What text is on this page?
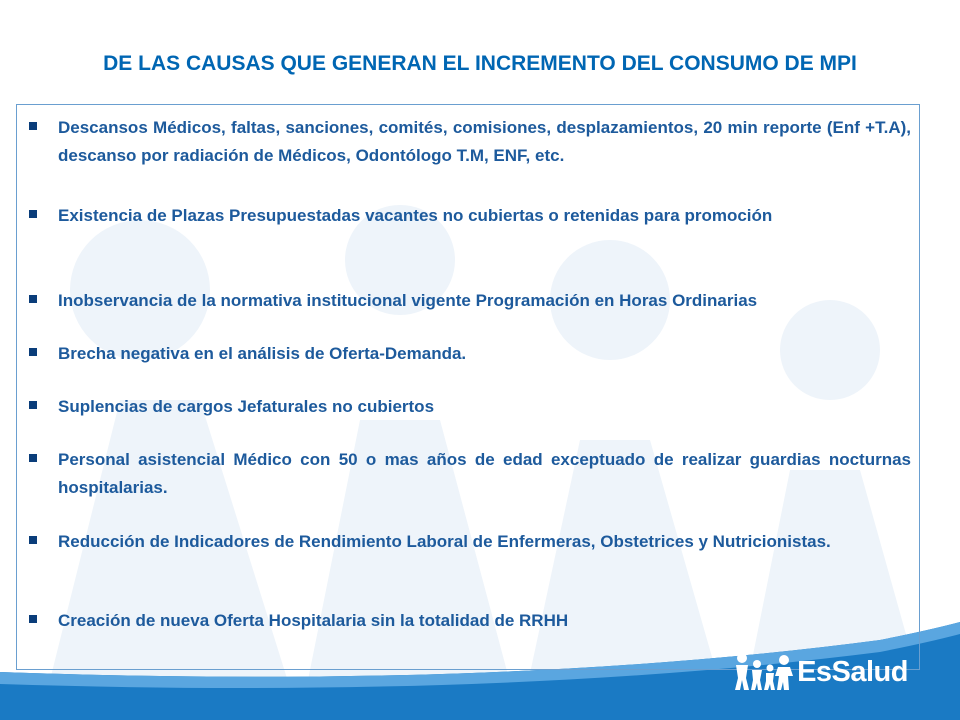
DE LAS CAUSAS QUE GENERAN EL INCREMENTO DEL CONSUMO DE MPI
Descansos Médicos, faltas, sanciones, comités, comisiones, desplazamientos, 20 min reporte (Enf +T.A), descanso por radiación de Médicos, Odontólogo T.M, ENF, etc.
Existencia de Plazas Presupuestadas vacantes no cubiertas o retenidas para promoción
Inobservancia de la normativa institucional vigente Programación en Horas Ordinarias
Brecha negativa en el análisis de Oferta-Demanda.
Suplencias de cargos Jefaturales no cubiertos
Personal asistencial Médico con 50 o mas años de edad exceptuado de realizar guardias nocturnas hospitalarias.
Reducción de Indicadores de Rendimiento Laboral de Enfermeras, Obstetrices y Nutricionistas.
Creación de nueva Oferta Hospitalaria sin la totalidad de RRHH
EsSalud
